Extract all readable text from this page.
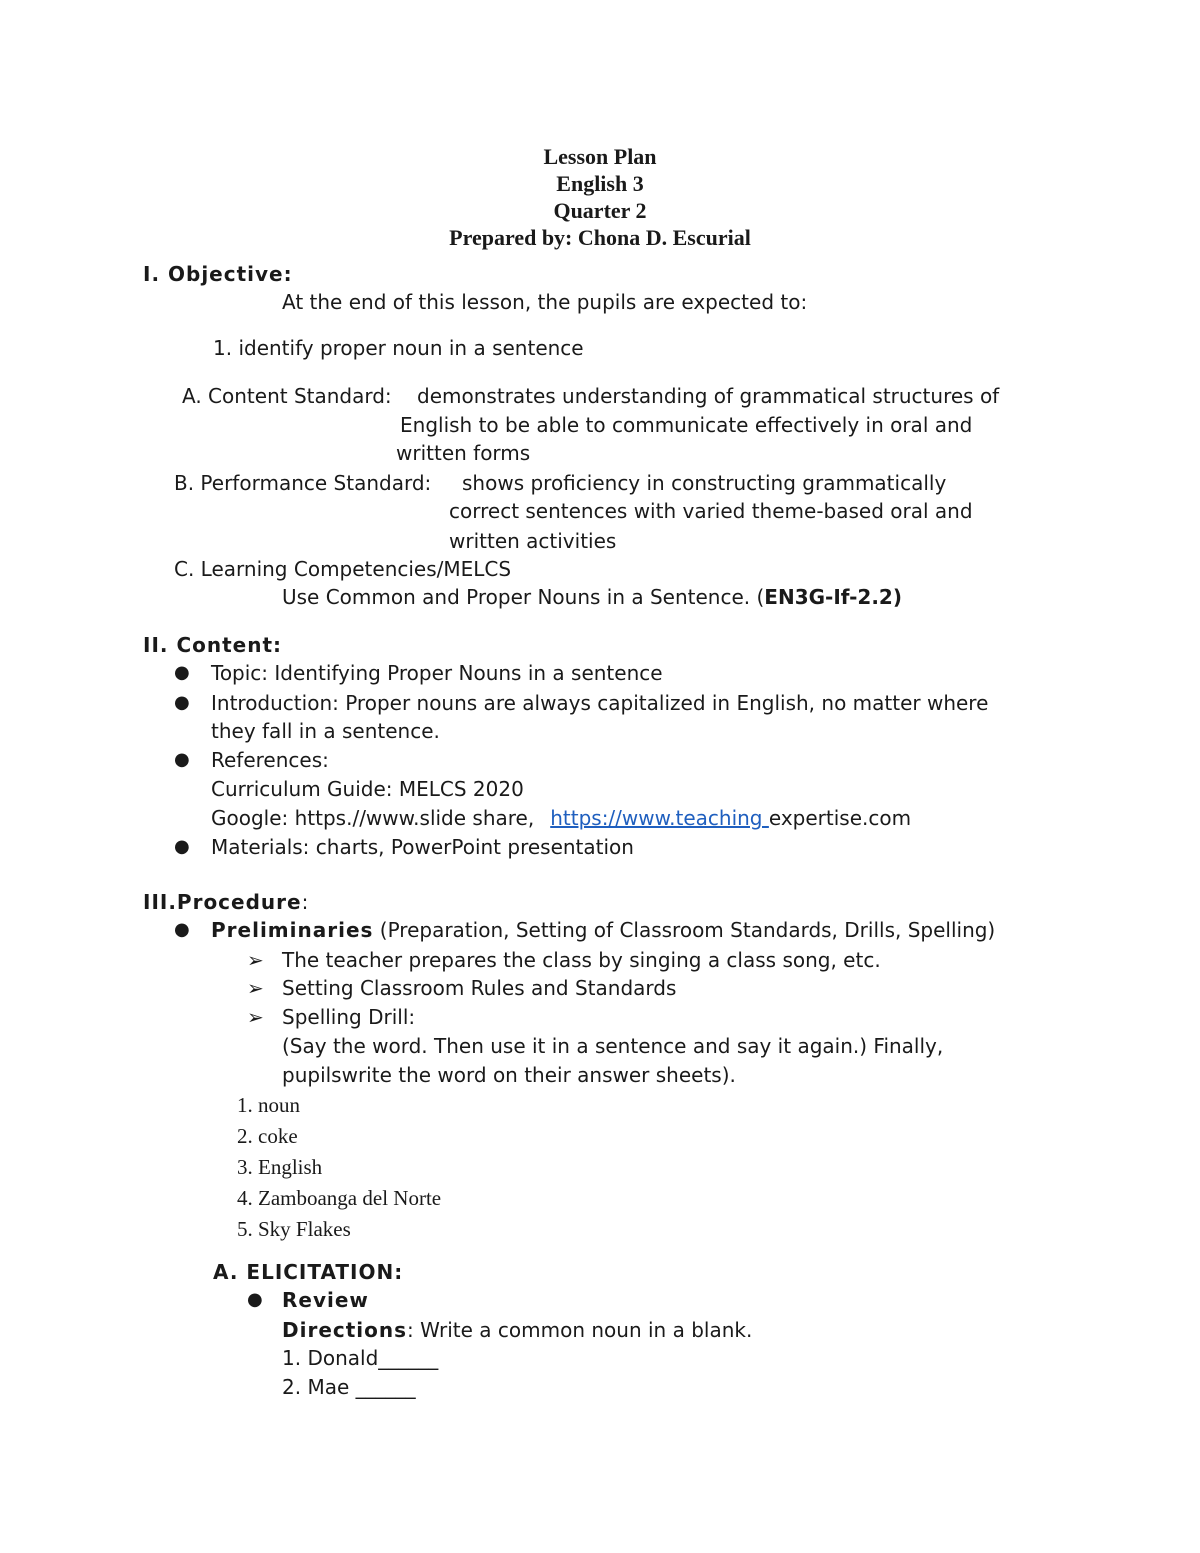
Lesson Plan
English 3
Quarter 2
Prepared by: Chona D. Escurial
I. Objective:
At the end of this lesson, the pupils are expected to:
1. identify proper noun in a sentence
A. Content Standard: demonstrates understanding of grammatical structures of
English to be able to communicate effectively in oral and
written forms
B. Performance Standard: shows proficiency in constructing grammatically
correct sentences with varied theme-based oral and
written activities
C. Learning Competencies/MELCS
Use Common and Proper Nouns in a Sentence. (EN3G-If-2.2)
II. Content:
● Topic: Identifying Proper Nouns in a sentence
● Introduction: Proper nouns are always capitalized in English, no matter where
they fall in a sentence.
● References:
Curriculum Guide: MELCS 2020
Google: https.//www.slide share, https://www.teaching expertise.com
● Materials: charts, PowerPoint presentation
III.Procedure:
● Preliminaries (Preparation, Setting of Classroom Standards, Drills, Spelling)
➢ The teacher prepares the class by singing a class song, etc.
➢ Setting Classroom Rules and Standards
➢ Spelling Drill:
(Say the word. Then use it in a sentence and say it again.) Finally,
pupilswrite the word on their answer sheets).
1. noun
2. coke
3. English
4. Zamboanga del Norte
5. Sky Flakes
A. ELICITATION:
● Review
Directions: Write a common noun in a blank.
1. Donald______
2. Mae ______
